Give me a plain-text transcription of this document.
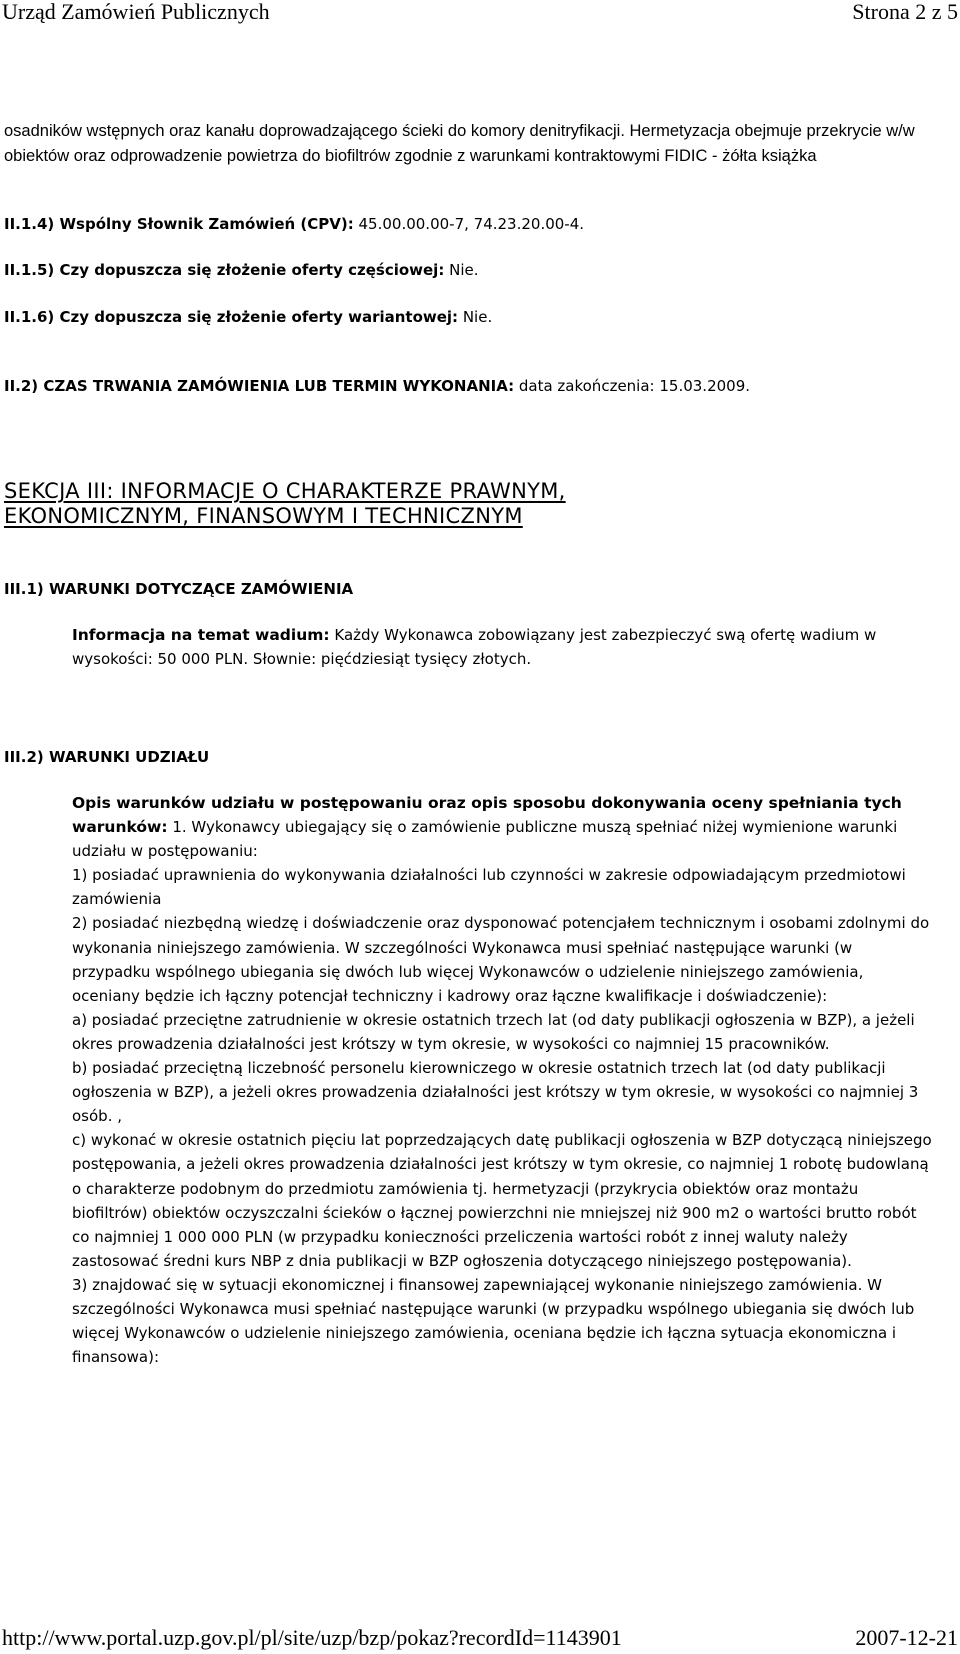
Urząd Zamówień Publicznych	Strona 2 z 5
osadników wstępnych oraz kanału doprowadzającego ścieki do komory denitryfikacji. Hermetyzacja obejmuje przekrycie w/w obiektów oraz odprowadzenie powietrza do biofiltrów zgodnie z warunkami kontraktowymi FIDIC - żółta książka
II.1.4) Wspólny Słownik Zamówień (CPV): 45.00.00.00-7, 74.23.20.00-4.
II.1.5) Czy dopuszcza się złożenie oferty częściowej: Nie.
II.1.6) Czy dopuszcza się złożenie oferty wariantowej: Nie.
II.2) CZAS TRWANIA ZAMÓWIENIA LUB TERMIN WYKONANIA: data zakończenia: 15.03.2009.
SEKCJA III: INFORMACJE O CHARAKTERZE PRAWNYM,
EKONOMICZNYM, FINANSOWYM I TECHNICZNYM
III.1) WARUNKI DOTYCZĄCE ZAMÓWIENIA
Informacja na temat wadium: Każdy Wykonawca zobowiązany jest zabezpieczyć swą ofertę wadium w wysokości: 50 000 PLN. Słownie: pięćdziesiąt tysięcy złotych.
III.2) WARUNKI UDZIAŁU
Opis warunków udziału w postępowaniu oraz opis sposobu dokonywania oceny spełniania tych warunków: 1. Wykonawcy ubiegający się o zamówienie publiczne muszą spełniać niżej wymienione warunki udziału w postępowaniu:
1) posiadać uprawnienia do wykonywania działalności lub czynności w zakresie odpowiadającym przedmiotowi zamówienia
2) posiadać niezbędną wiedzę i doświadczenie oraz dysponować potencjałem technicznym i osobami zdolnymi do wykonania niniejszego zamówienia. W szczególności Wykonawca musi spełniać następujące warunki (w przypadku wspólnego ubiegania się dwóch lub więcej Wykonawców o udzielenie niniejszego zamówienia, oceniany będzie ich łączny potencjał techniczny i kadrowy oraz łączne kwalifikacje i doświadczenie):
a) posiadać przeciętne zatrudnienie w okresie ostatnich trzech lat (od daty publikacji ogłoszenia w BZP), a jeżeli okres prowadzenia działalności jest krótszy w tym okresie, w wysokości co najmniej 15 pracowników.
b) posiadać przeciętną liczebność personelu kierowniczego w okresie ostatnich trzech lat (od daty publikacji ogłoszenia w BZP), a jeżeli okres prowadzenia działalności jest krótszy w tym okresie, w wysokości co najmniej 3 osób. ,
c) wykonać w okresie ostatnich pięciu lat poprzedzających datę publikacji ogłoszenia w BZP dotyczącą niniejszego postępowania, a jeżeli okres prowadzenia działalności jest krótszy w tym okresie, co najmniej 1 robotę budowlaną o charakterze podobnym do przedmiotu zamówienia tj. hermetyzacji (przykrycia obiektów oraz montażu biofiltrów) obiektów oczyszczalni ścieków o łącznej powierzchni nie mniejszej niż 900 m2 o wartości brutto robót co najmniej 1 000 000 PLN (w przypadku konieczności przeliczenia wartości robót z innej waluty należy zastosować średni kurs NBP z dnia publikacji w BZP ogłoszenia dotyczącego niniejszego postępowania).
3) znajdować się w sytuacji ekonomicznej i finansowej zapewniającej wykonanie niniejszego zamówienia. W szczególności Wykonawca musi spełniać następujące warunki (w przypadku wspólnego ubiegania się dwóch lub więcej Wykonawców o udzielenie niniejszego zamówienia, oceniana będzie ich łączna sytuacja ekonomiczna i finansowa):
http://www.portal.uzp.gov.pl/pl/site/uzp/bzp/pokaz?recordId=1143901	2007-12-21
